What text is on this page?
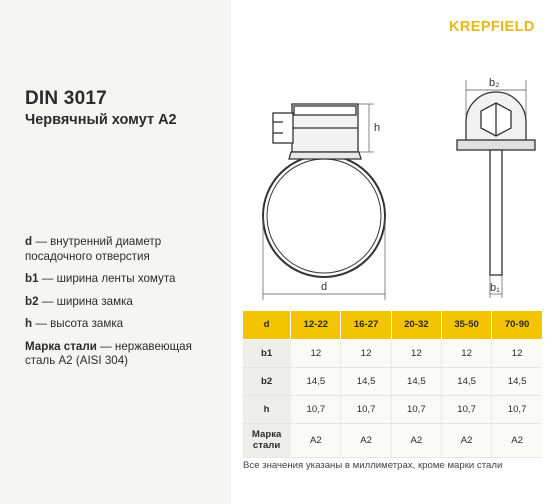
DIN 3017
Червячный хомут A2
d — внутренний диаметр посадочного отверстия
b1 — ширина ленты хомута
b2 — ширина замка
h — высота замка
Марка стали — нержавеющая сталь A2 (AISI 304)
KREPFIELD
h
d
b₂
b₁
d	12-22	16-27	20-32	35-50	70-90
b1	12	12	12	12	12
b2	14,5	14,5	14,5	14,5	14,5
h	10,7	10,7	10,7	10,7	10,7
Марка стали	A2	A2	A2	A2	A2
Все значения указаны в миллиметрах, кроме марки стали
